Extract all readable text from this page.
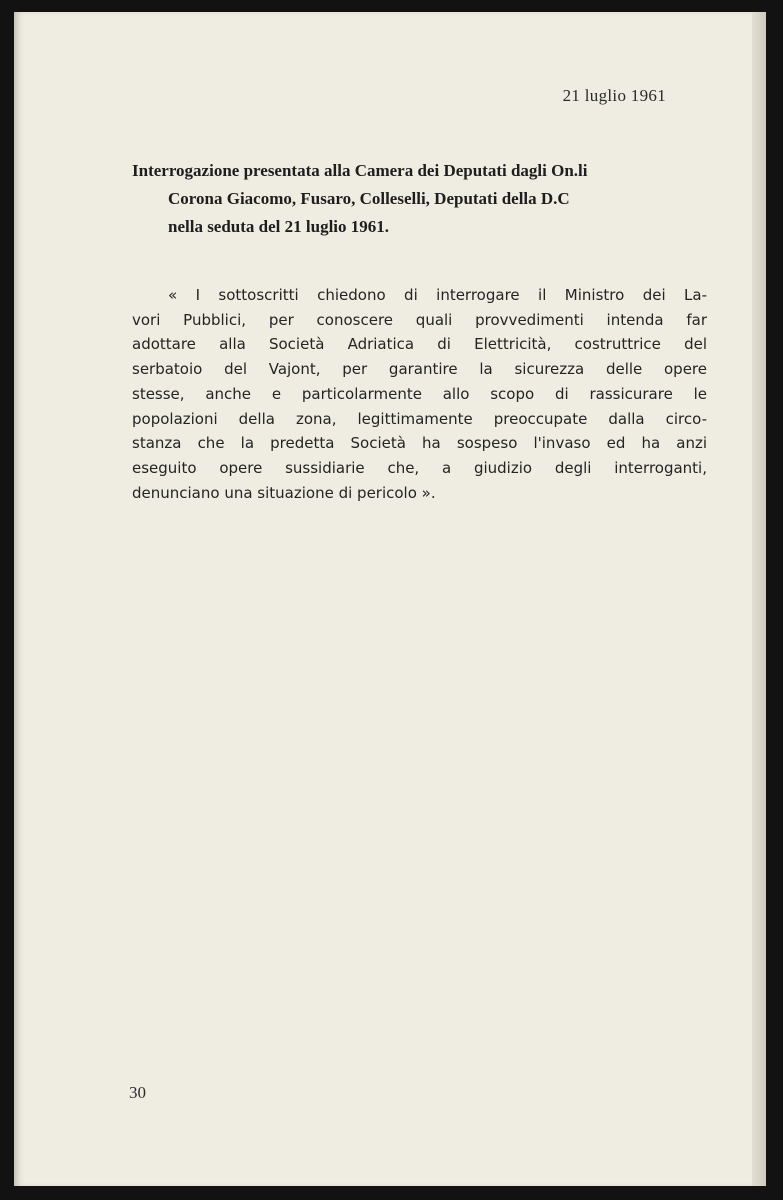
21 luglio 1961
Interrogazione presentata alla Camera dei Deputati dagli On.li
Corona Giacomo, Fusaro, Colleselli, Deputati della D.C
nella seduta del 21 luglio 1961.
« I sottoscritti chiedono di interrogare il Ministro dei La-
vori Pubblici, per conoscere quali provvedimenti intenda far
adottare alla Società Adriatica di Elettricità, costruttrice del
serbatoio del Vajont, per garantire la sicurezza delle opere
stesse, anche e particolarmente allo scopo di rassicurare le
popolazioni della zona, legittimamente preoccupate dalla circo-
stanza che la predetta Società ha sospeso l'invaso ed ha anzi
eseguito opere sussidiarie che, a giudizio degli interroganti,
denunciano una situazione di pericolo ».
30
